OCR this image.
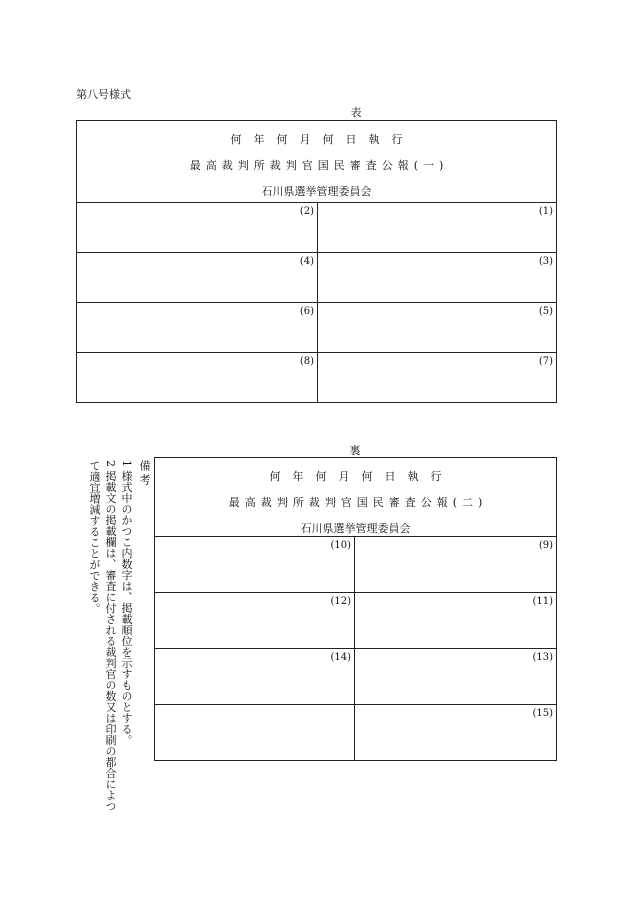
第八号様式
表
何年何月何日執行
最高裁判所裁判官国民審査公報(一)
石川県選挙管理委員会	

(2)	(1)

(4)	(3)

(6)	(5)

(8)	(7)
裏
何年何月何日執行
最高裁判所裁判官国民審査公報(二)
石川県選挙管理委員会	

(10)	(9)

(12)	(11)

(14)	(13)

	(15)
備考
1 様式中のかつこ内数字は、掲載順位を示すものとする。
2 掲載文の掲載欄は、審査に付される裁判官の数又は印刷の都合によつて適宜増減することができる。
